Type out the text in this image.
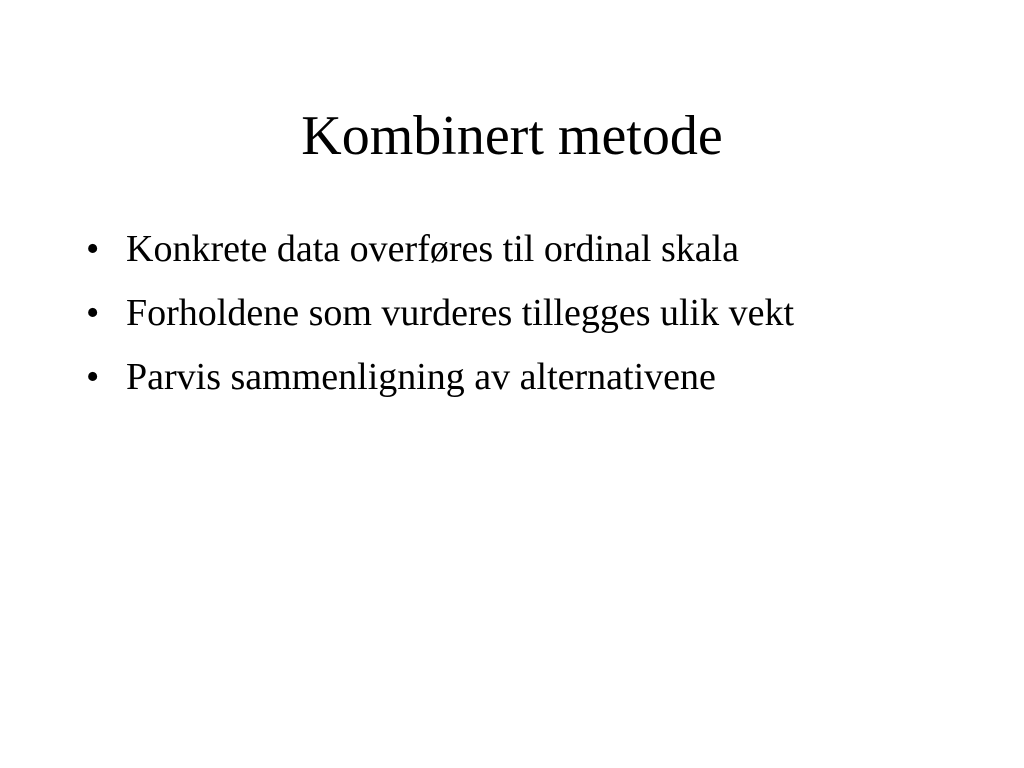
Kombinert metode
• Konkrete data overføres til ordinal skala
• Forholdene som vurderes tillegges ulik vekt
• Parvis sammenligning av alternativene
